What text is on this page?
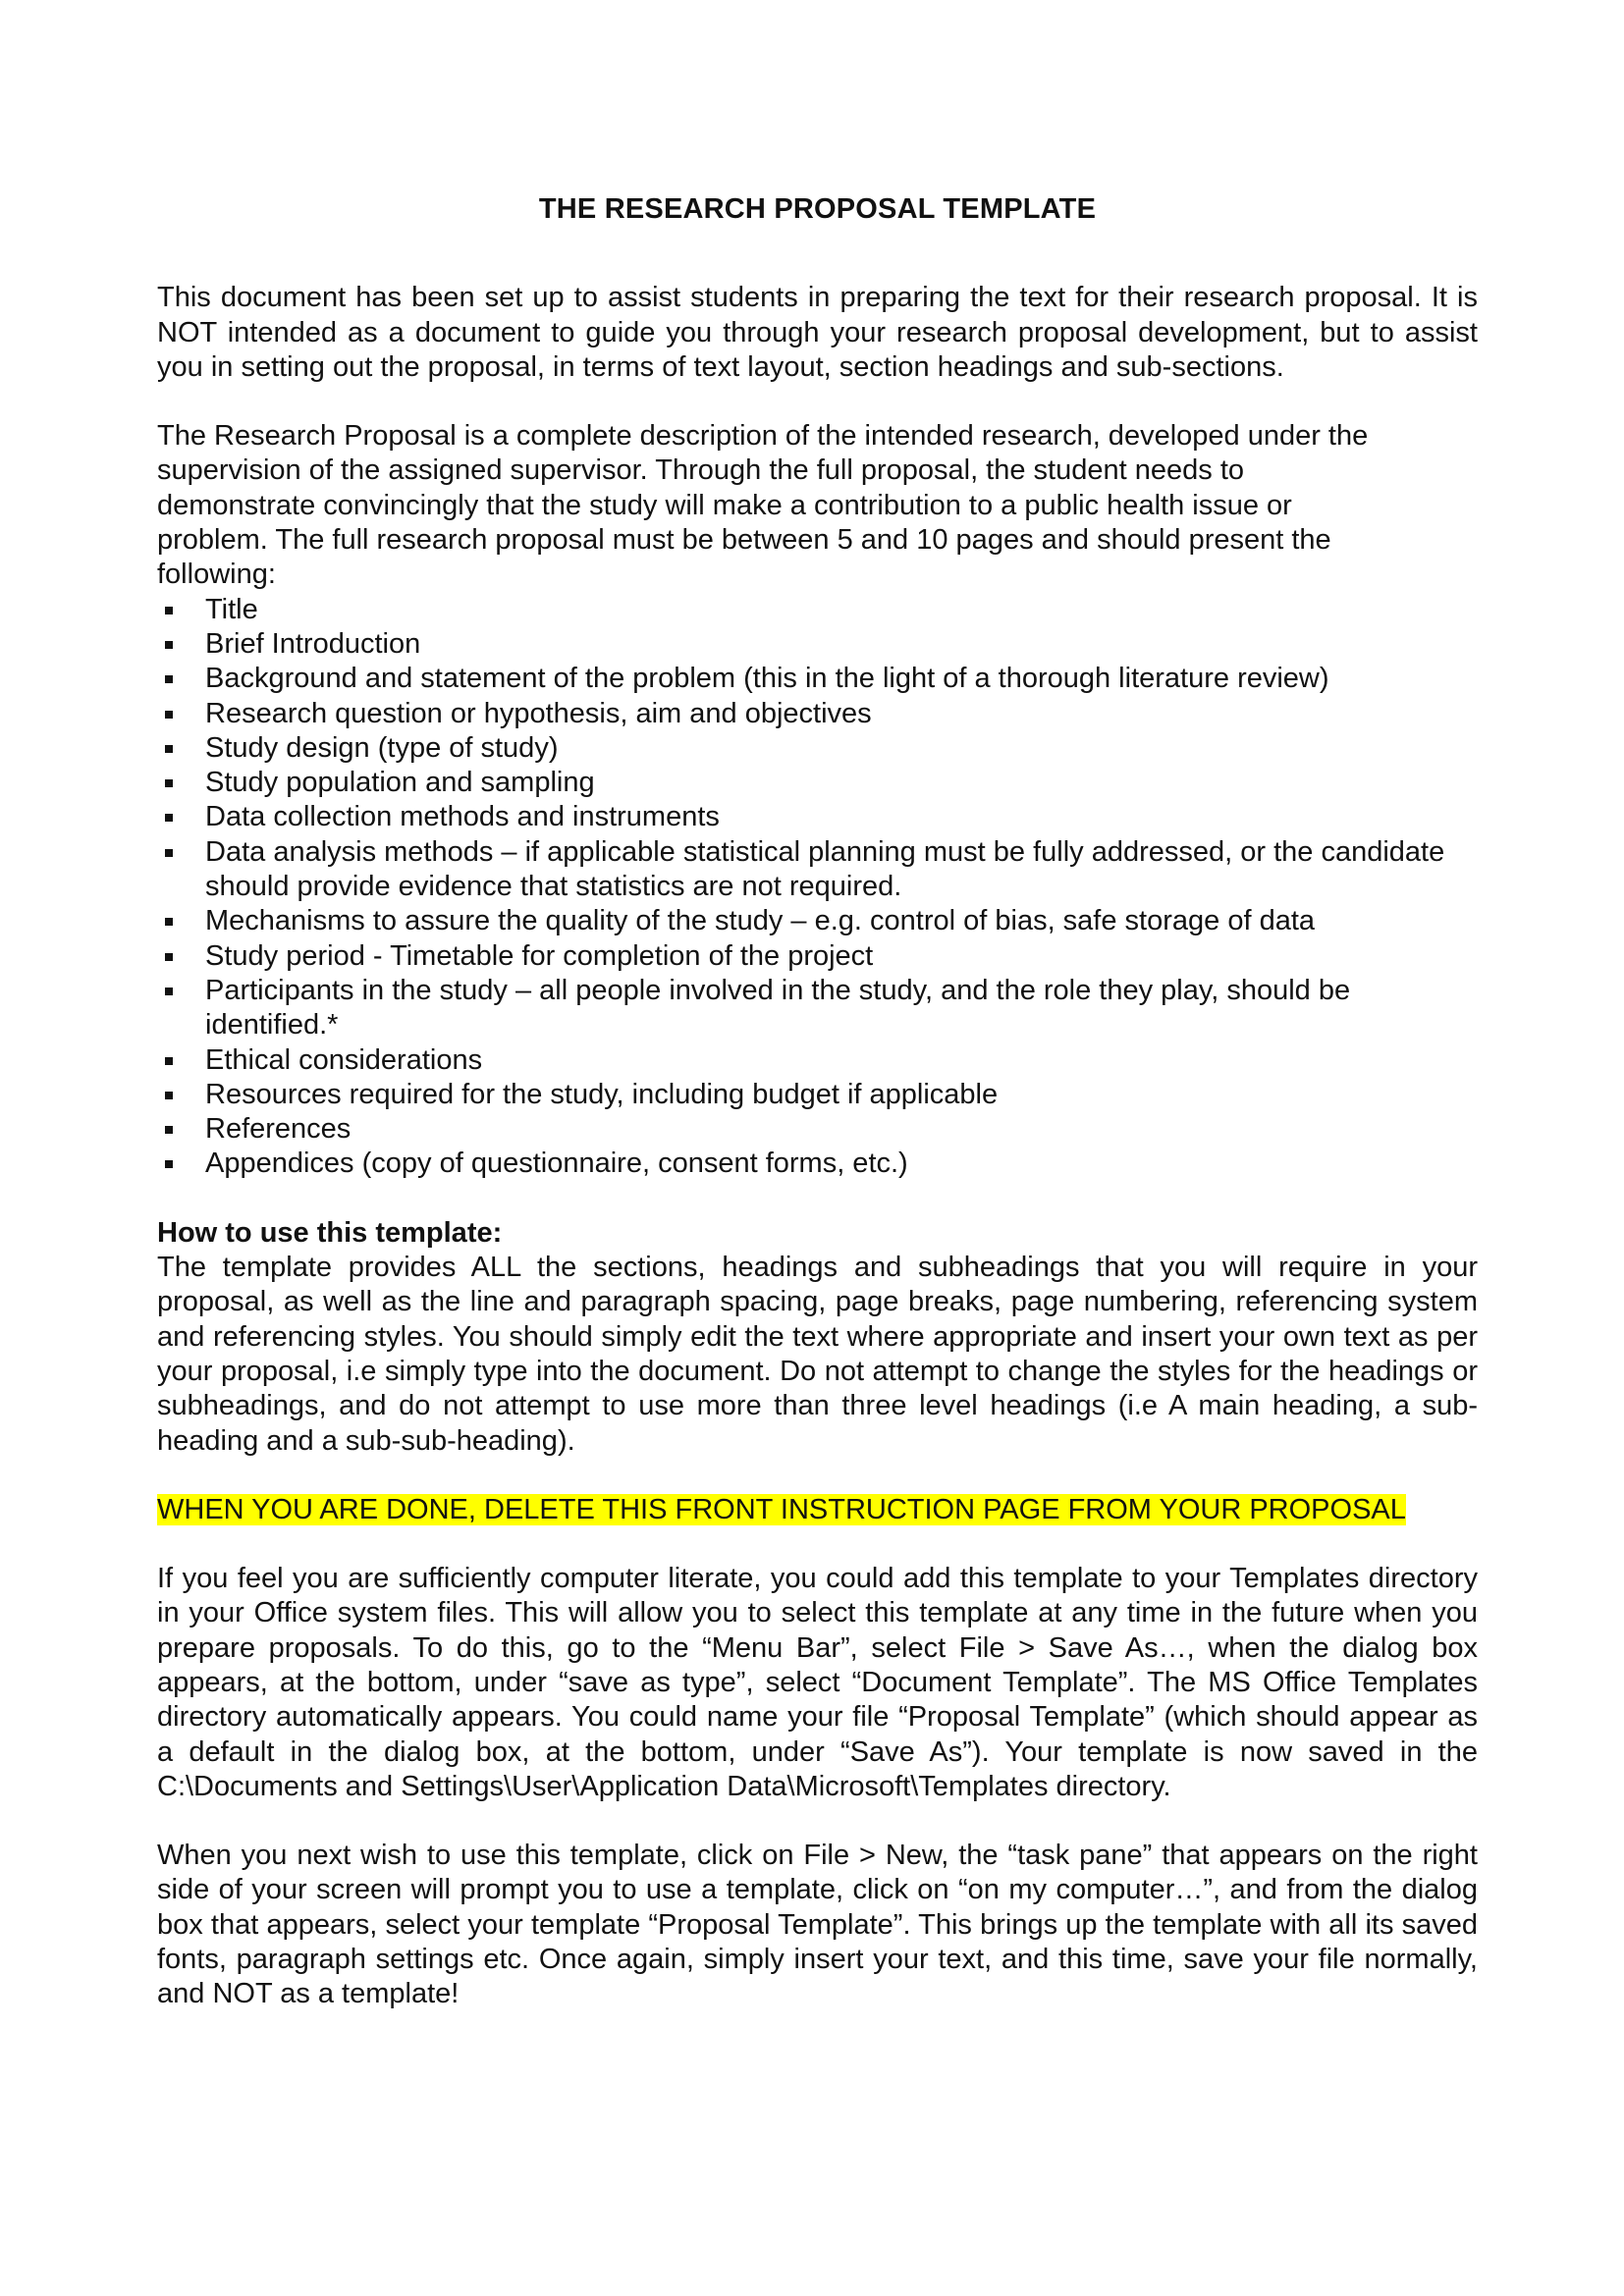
THE RESEARCH PROPOSAL TEMPLATE

This document has been set up to assist students in preparing the text for their research proposal. It is NOT intended as a document to guide you through your research proposal development, but to assist you in setting out the proposal, in terms of text layout, section headings and sub-sections.

The Research Proposal is a complete description of the intended research, developed under the
supervision of the assigned supervisor. Through the full proposal, the student needs to
demonstrate convincingly that the study will make a contribution to a public health issue or
problem. The full research proposal must be between 5 and 10 pages and should present the
following:
Title
Brief Introduction
Background and statement of the problem (this in the light of a thorough literature review)
Research question or hypothesis, aim and objectives
Study design (type of study)
Study population and sampling
Data collection methods and instruments
Data analysis methods – if applicable statistical planning must be fully addressed, or the candidate should provide evidence that statistics are not required.
Mechanisms to assure the quality of the study – e.g. control of bias, safe storage of data
Study period - Timetable for completion of the project
Participants in the study – all people involved in the study, and the role they play, should be identified.*
Ethical considerations
Resources required for the study, including budget if applicable
References
Appendices (copy of questionnaire, consent forms, etc.)

How to use this template:

The template provides ALL the sections, headings and subheadings that you will require in your proposal, as well as the line and paragraph spacing, page breaks, page numbering, referencing system and referencing styles. You should simply edit the text where appropriate and insert your own text as per your proposal, i.e simply type into the document. Do not attempt to change the styles for the headings or subheadings, and do not attempt to use more than three level headings (i.e A main heading, a sub-heading and a sub-sub-heading).

WHEN YOU ARE DONE, DELETE THIS FRONT INSTRUCTION PAGE FROM YOUR PROPOSAL

If you feel you are sufficiently computer literate, you could add this template to your Templates directory in your Office system files. This will allow you to select this template at any time in the future when you prepare proposals. To do this, go to the “Menu Bar”, select File > Save As…, when the dialog box appears, at the bottom, under “save as type”, select “Document Template”. The MS Office Templates directory automatically appears. You could name your file “Proposal Template” (which should appear as a default in the dialog box, at the bottom, under “Save As”). Your template is now saved in the C:\Documents and Settings\User\Application Data\Microsoft\Templates directory.

When you next wish to use this template, click on File > New, the “task pane” that appears on the right side of your screen will prompt you to use a template, click on “on my computer…”, and from the dialog box that appears, select your template “Proposal Template”. This brings up the template with all its saved fonts, paragraph settings etc. Once again, simply insert your text, and this time, save your file normally, and NOT as a template!
